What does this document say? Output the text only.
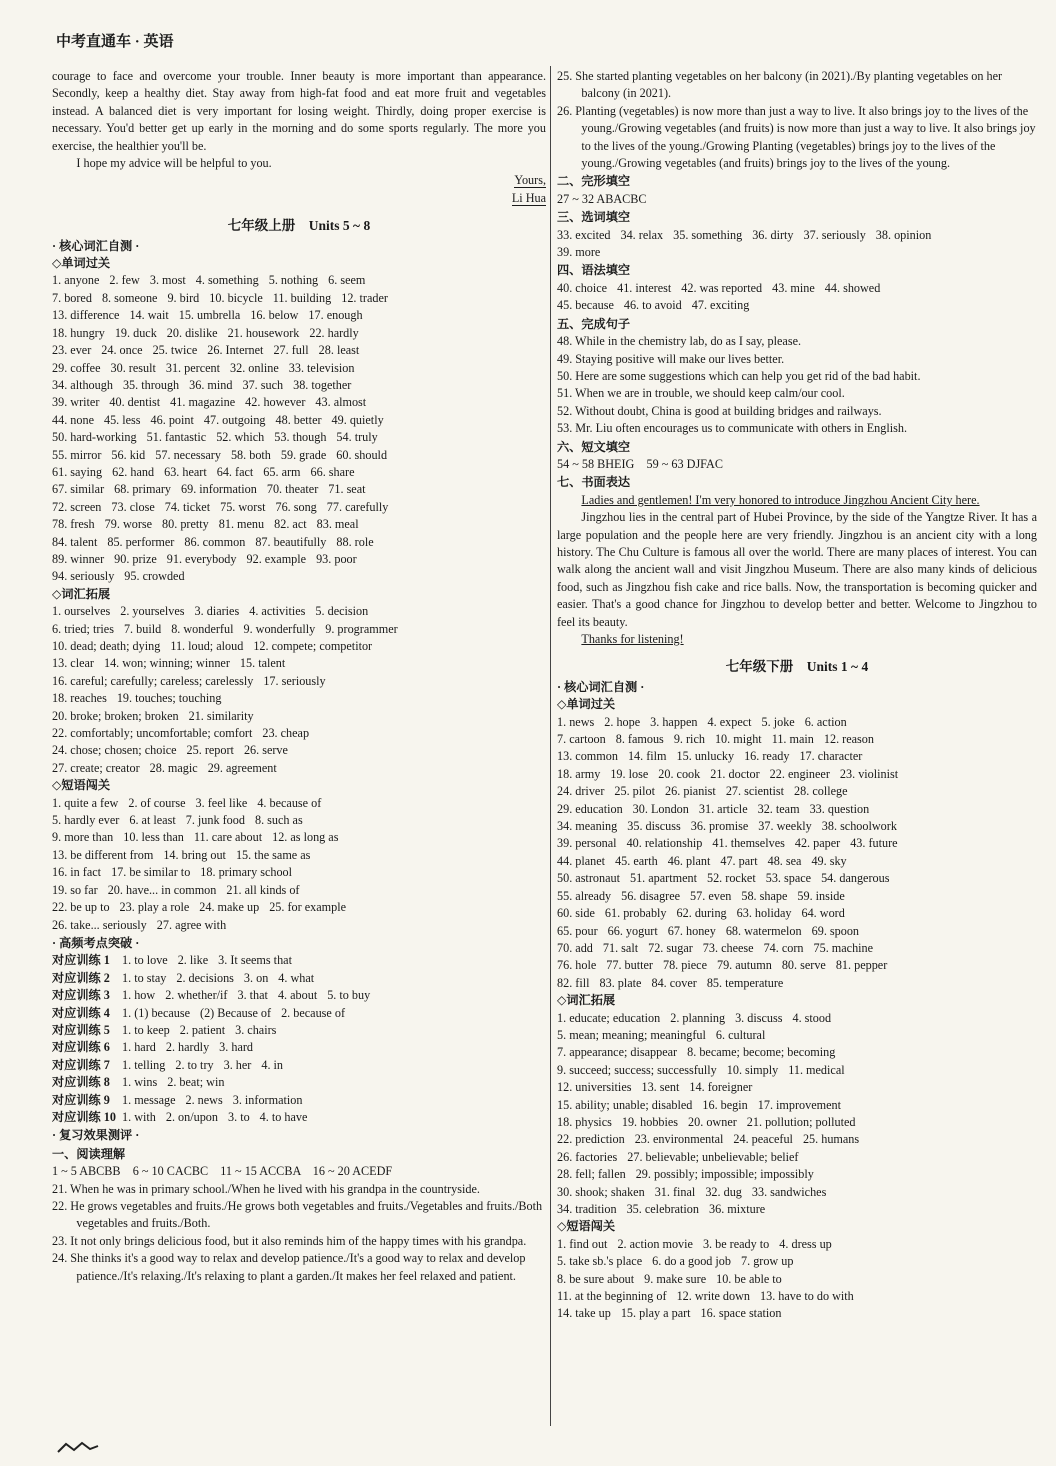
中考直通车 · 英语

courage to face and overcome your trouble. Inner beauty is more important than appearance. Secondly, keep a healthy diet. Stay away from high-fat food and eat more fruit and vegetables instead. A balanced diet is very important for losing weight. Thirdly, doing proper exercise is necessary. You'd better get up early in the morning and do some sports regularly. The more you exercise, the healthier you'll be.

I hope my advice will be helpful to you.

Yours,
Li Hua
七年级上册　Units 5 ~ 8
· 核心词汇自测 ·
◇ 单词过关

1. anyone 2. few 3. most 4. something 5. nothing 6. seem

7. bored 8. someone 9. bird 10. bicycle 11. building 12. trader

13. difference 14. wait 15. umbrella 16. below 17. enough

18. hungry 19. duck 20. dislike 21. housework 22. hardly

23. ever 24. once 25. twice 26. Internet 27. full 28. least

29. coffee 30. result 31. percent 32. online 33. television

34. although 35. through 36. mind 37. such 38. together

39. writer 40. dentist 41. magazine 42. however 43. almost

44. none 45. less 46. point 47. outgoing 48. better 49. quietly

50. hard-working 51. fantastic 52. which 53. though 54. truly

55. mirror 56. kid 57. necessary 58. both 59. grade 60. should

61. saying 62. hand 63. heart 64. fact 65. arm 66. share

67. similar 68. primary 69. information 70. theater 71. seat

72. screen 73. close 74. ticket 75. worst 76. song 77. carefully

78. fresh 79. worse 80. pretty 81. menu 82. act 83. meal

84. talent 85. performer 86. common 87. beautifully 88. role

89. winner 90. prize 91. everybody 92. example 93. poor

94. seriously 95. crowded

◇ 词汇拓展

1. ourselves 2. yourselves 3. diaries 4. activities 5. decision

6. tried; tries 7. build 8. wonderful 9. wonderfully 9. programmer

10. dead; death; dying 11. loud; aloud 12. compete; competitor

13. clear 14. won; winning; winner 15. talent

16. careful; carefully; careless; carelessly 17. seriously

18. reaches 19. touches; touching

20. broke; broken; broken 21. similarity

22. comfortably; uncomfortable; comfort 23. cheap

24. chose; chosen; choice 25. report 26. serve

27. create; creator 28. magic 29. agreement

◇ 短语闯关

1. quite a few 2. of course 3. feel like 4. because of

5. hardly ever 6. at least 7. junk food 8. such as

9. more than 10. less than 11. care about 12. as long as

13. be different from 14. bring out 15. the same as

16. in fact 17. be similar to 18. primary school

19. so far 20. have... in common 21. all kinds of

22. be up to 23. play a role 24. make up 25. for example

26. take... seriously 27. agree with

· 高频考点突破 ·

对应训练 1 1. to love 2. like 3. It seems that

对应训练 2 1. to stay 2. decisions 3. on 4. what

对应训练 3 1. how 2. whether/if 3. that 4. about 5. to buy

对应训练 4 1. (1) because (2) Because of 2. because of

对应训练 5 1. to keep 2. patient 3. chairs

对应训练 6 1. hard 2. hardly 3. hard

对应训练 7 1. telling 2. to try 3. her 4. in

对应训练 8 1. wins 2. beat; win

对应训练 9 1. message 2. news 3. information

对应训练 10 1. with 2. on/upon 3. to 4. to have

· 复习效果测评 ·
一、阅读理解

1 ~ 5 ABCBB　6 ~ 10 CACBC　11 ~ 15 ACCBA　16 ~ 20 ACEDF

21. When he was in primary school./When he lived with his grandpa in the countryside.

22. He grows vegetables and fruits./He grows both vegetables and fruits./Vegetables and fruits./Both vegetables and fruits./Both.

23. It not only brings delicious food, but it also reminds him of the happy times with his grandpa.

24. She thinks it's a good way to relax and develop patience./It's a good way to relax and develop patience./It's relaxing./It's relaxing to plant a garden./It makes her feel relaxed and patient.

25. She started planting vegetables on her balcony (in 2021)./By planting vegetables on her balcony (in 2021).

26. Planting (vegetables) is now more than just a way to live. It also brings joy to the lives of the young./Growing vegetables (and fruits) is now more than just a way to live. It also brings joy to the lives of the young./Growing Planting (vegetables) brings joy to the lives of the young./Growing vegetables (and fruits) brings joy to the lives of the young.

二、完形填空

27 ~ 32 ABACBC

三、选词填空

33. excited 34. relax 35. something 36. dirty 37. seriously 38. opinion

39. more

四、语法填空

40. choice 41. interest 42. was reported 43. mine 44. showed

45. because 46. to avoid 47. exciting

五、完成句子

48. While in the chemistry lab, do as I say, please.

49. Staying positive will make our lives better.

50. Here are some suggestions which can help you get rid of the bad habit.

51. When we are in trouble, we should keep calm/our cool.

52. Without doubt, China is good at building bridges and railways.

53. Mr. Liu often encourages us to communicate with others in English.

六、短文填空

54 ~ 58 BHEIG　59 ~ 63 DJFAC

七、书面表达

Ladies and gentlemen! I'm very honored to introduce Jingzhou Ancient City here.

Jingzhou lies in the central part of Hubei Province, by the side of the Yangtze River. It has a large population and the people here are very friendly. Jingzhou is an ancient city with a long history. The Chu Culture is famous all over the world. There are many places of interest. You can walk along the ancient wall and visit Jingzhou Museum. There are also many kinds of delicious food, such as Jingzhou fish cake and rice balls. Now, the transportation is becoming quicker and easier. That's a good chance for Jingzhou to develop better and better. Welcome to Jingzhou to feel its beauty.

Thanks for listening!

七年级下册　Units 1 ~ 4
· 核心词汇自测 ·
◇ 单词过关

1. news 2. hope 3. happen 4. expect 5. joke 6. action

7. cartoon 8. famous 9. rich 10. might 11. main 12. reason

13. common 14. film 15. unlucky 16. ready 17. character

18. army 19. lose 20. cook 21. doctor 22. engineer 23. violinist

24. driver 25. pilot 26. pianist 27. scientist 28. college

29. education 30. London 31. article 32. team 33. question

34. meaning 35. discuss 36. promise 37. weekly 38. schoolwork

39. personal 40. relationship 41. themselves 42. paper 43. future

44. planet 45. earth 46. plant 47. part 48. sea 49. sky

50. astronaut 51. apartment 52. rocket 53. space 54. dangerous

55. already 56. disagree 57. even 58. shape 59. inside

60. side 61. probably 62. during 63. holiday 64. word

65. pour 66. yogurt 67. honey 68. watermelon 69. spoon

70. add 71. salt 72. sugar 73. cheese 74. corn 75. machine

76. hole 77. butter 78. piece 79. autumn 80. serve 81. pepper

82. fill 83. plate 84. cover 85. temperature

◇ 词汇拓展

1. educate; education 2. planning 3. discuss 4. stood

5. mean; meaning; meaningful 6. cultural

7. appearance; disappear 8. became; become; becoming

9. succeed; success; successfully 10. simply 11. medical

12. universities 13. sent 14. foreigner

15. ability; unable; disabled 16. begin 17. improvement

18. physics 19. hobbies 20. owner 21. pollution; polluted

22. prediction 23. environmental 24. peaceful 25. humans

26. factories 27. believable; unbelievable; belief

28. fell; fallen 29. possibly; impossible; impossibly

30. shook; shaken 31. final 32. dug 33. sandwiches

34. tradition 35. celebration 36. mixture

◇ 短语闯关

1. find out 2. action movie 3. be ready to 4. dress up

5. take sb.'s place 6. do a good job 7. grow up

8. be sure about 9. make sure 10. be able to

11. at the beginning of 12. write down 13. have to do with

14. take up 15. play a part 16. space station
